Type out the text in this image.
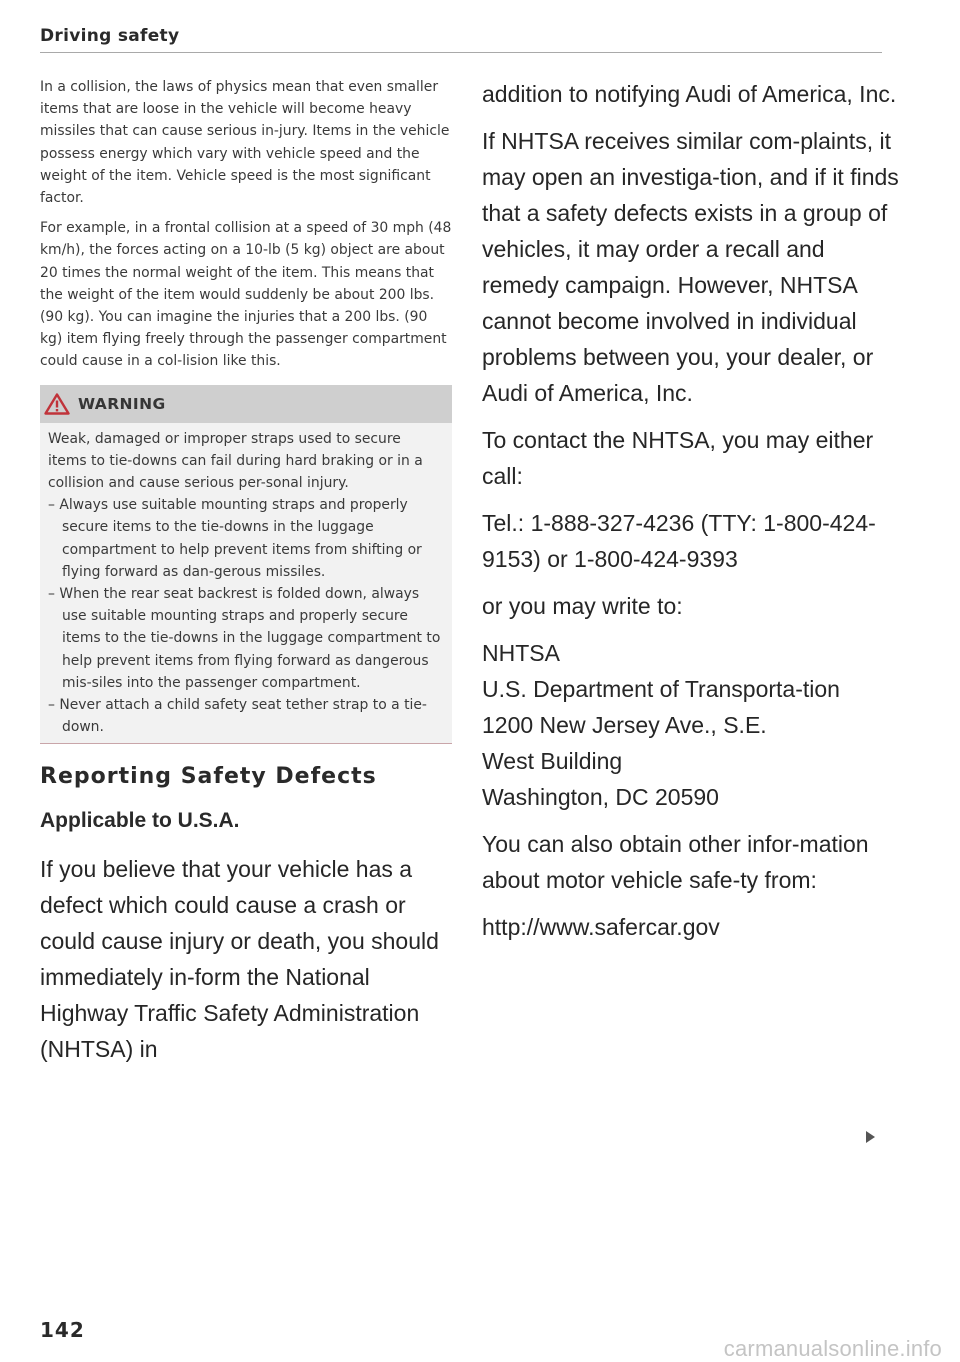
Driving safety

In a collision, the laws of physics mean that even smaller items that are loose in the vehicle will become heavy missiles that can cause serious in-jury. Items in the vehicle possess energy which vary with vehicle speed and the weight of the item. Vehicle speed is the most significant factor.

For example, in a frontal collision at a speed of 30 mph (48 km/h), the forces acting on a 10-lb (5 kg) object are about 20 times the normal weight of the item. This means that the weight of the item would suddenly be about 200 lbs. (90 kg). You can imagine the injuries that a 200 lbs. (90 kg) item flying freely through the passenger compartment could cause in a col-lision like this.

WARNING

Weak, damaged or improper straps used to secure items to tie-downs can fail during hard braking or in a collision and cause serious per-sonal injury.

– Always use suitable mounting straps and properly secure items to the tie-downs in the luggage compartment to help prevent items from shifting or flying forward as dan-gerous missiles.
– When the rear seat backrest is folded down, always use suitable mounting straps and properly secure items to the tie-downs in the luggage compartment to help prevent items from flying forward as dangerous mis-siles into the passenger compartment.
– Never attach a child safety seat tether strap to a tie-down.
Reporting Safety Defects
Applicable to U.S.A.

If you believe that your vehicle has a defect which could cause a crash or could cause injury or death, you should immediately in-form the National Highway Traffic Safety Administration (NHTSA) in

addition to notifying Audi of America, Inc.

If NHTSA receives similar com-plaints, it may open an investiga-tion, and if it finds that a safety defects exists in a group of vehicles, it may order a recall and remedy campaign. However, NHTSA cannot become involved in individual problems between you, your dealer, or Audi of America, Inc.

To contact the NHTSA, you may either call:

Tel.: 1-888-327-4236 (TTY: 1-800-424-9153) or 1-800-424-9393

or you may write to:

NHTSA

U.S. Department of Transporta-tion

1200 New Jersey Ave., S.E.

West Building

Washington, DC 20590

You can also obtain other infor-mation about motor vehicle safe-ty from:

http://www.safercar.gov

142
carmanualsonline.info
